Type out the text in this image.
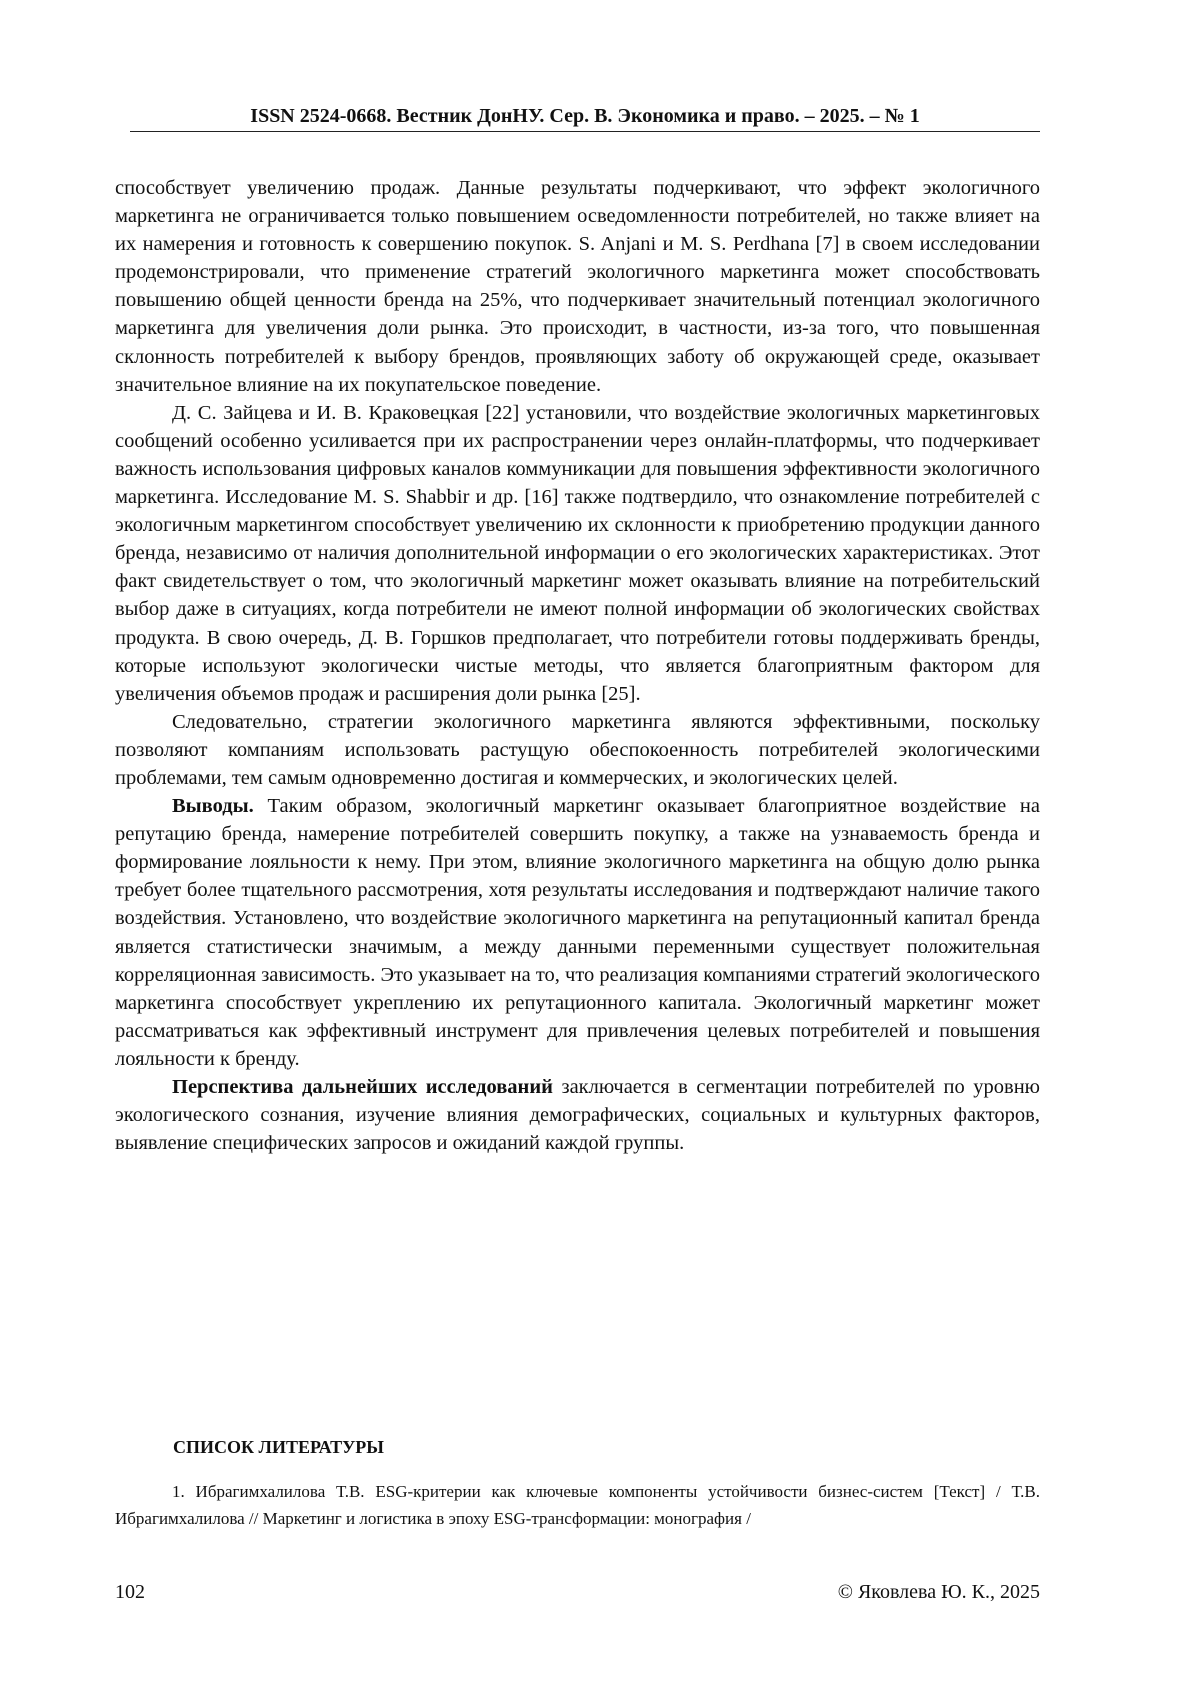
ISSN 2524-0668. Вестник ДонНУ. Сер. В. Экономика и право. – 2025. – № 1

способствует увеличению продаж. Данные результаты подчеркивают, что эффект экологичного маркетинга не ограничивается только повышением осведомленности потребителей, но также влияет на их намерения и готовность к совершению покупок. S. Anjani и M. S. Perdhana [7] в своем исследовании продемонстрировали, что применение стратегий экологичного маркетинга может способствовать повышению общей ценности бренда на 25%, что подчеркивает значительный потенциал экологичного маркетинга для увеличения доли рынка. Это происходит, в частности, из-за того, что повышенная склонность потребителей к выбору брендов, проявляющих заботу об окружающей среде, оказывает значительное влияние на их покупательское поведение.

Д. С. Зайцева и И. В. Краковецкая [22] установили, что воздействие экологичных маркетинговых сообщений особенно усиливается при их распространении через онлайн-платформы, что подчеркивает важность использования цифровых каналов коммуникации для повышения эффективности экологичного маркетинга. Исследование M. S. Shabbir и др. [16] также подтвердило, что ознакомление потребителей с экологичным маркетингом способствует увеличению их склонности к приобретению продукции данного бренда, независимо от наличия дополнительной информации о его экологических характеристиках. Этот факт свидетельствует о том, что экологичный маркетинг может оказывать влияние на потребительский выбор даже в ситуациях, когда потребители не имеют полной информации об экологических свойствах продукта. В свою очередь, Д. В. Горшков предполагает, что потребители готовы поддерживать бренды, которые используют экологически чистые методы, что является благоприятным фактором для увеличения объемов продаж и расширения доли рынка [25].

Следовательно, стратегии экологичного маркетинга являются эффективными, поскольку позволяют компаниям использовать растущую обеспокоенность потребителей экологическими проблемами, тем самым одновременно достигая и коммерческих, и экологических целей.

Выводы. Таким образом, экологичный маркетинг оказывает благоприятное воздействие на репутацию бренда, намерение потребителей совершить покупку, а также на узнаваемость бренда и формирование лояльности к нему. При этом, влияние экологичного маркетинга на общую долю рынка требует более тщательного рассмотрения, хотя результаты исследования и подтверждают наличие такого воздействия. Установлено, что воздействие экологичного маркетинга на репутационный капитал бренда является статистически значимым, а между данными переменными существует положительная корреляционная зависимость. Это указывает на то, что реализация компаниями стратегий экологического маркетинга способствует укреплению их репутационного капитала. Экологичный маркетинг может рассматриваться как эффективный инструмент для привлечения целевых потребителей и повышения лояльности к бренду.

Перспектива дальнейших исследований заключается в сегментации потребителей по уровню экологического сознания, изучение влияния демографических, социальных и культурных факторов, выявление специфических запросов и ожиданий каждой группы.

СПИСОК ЛИТЕРАТУРЫ

1. Ибрагимхалилова Т.В. ESG-критерии как ключевые компоненты устойчивости бизнес-систем [Текст] / Т.В. Ибрагимхалилова // Маркетинг и логистика в эпоху ESG-трансформации: монография /

102	© Яковлева Ю. К., 2025
